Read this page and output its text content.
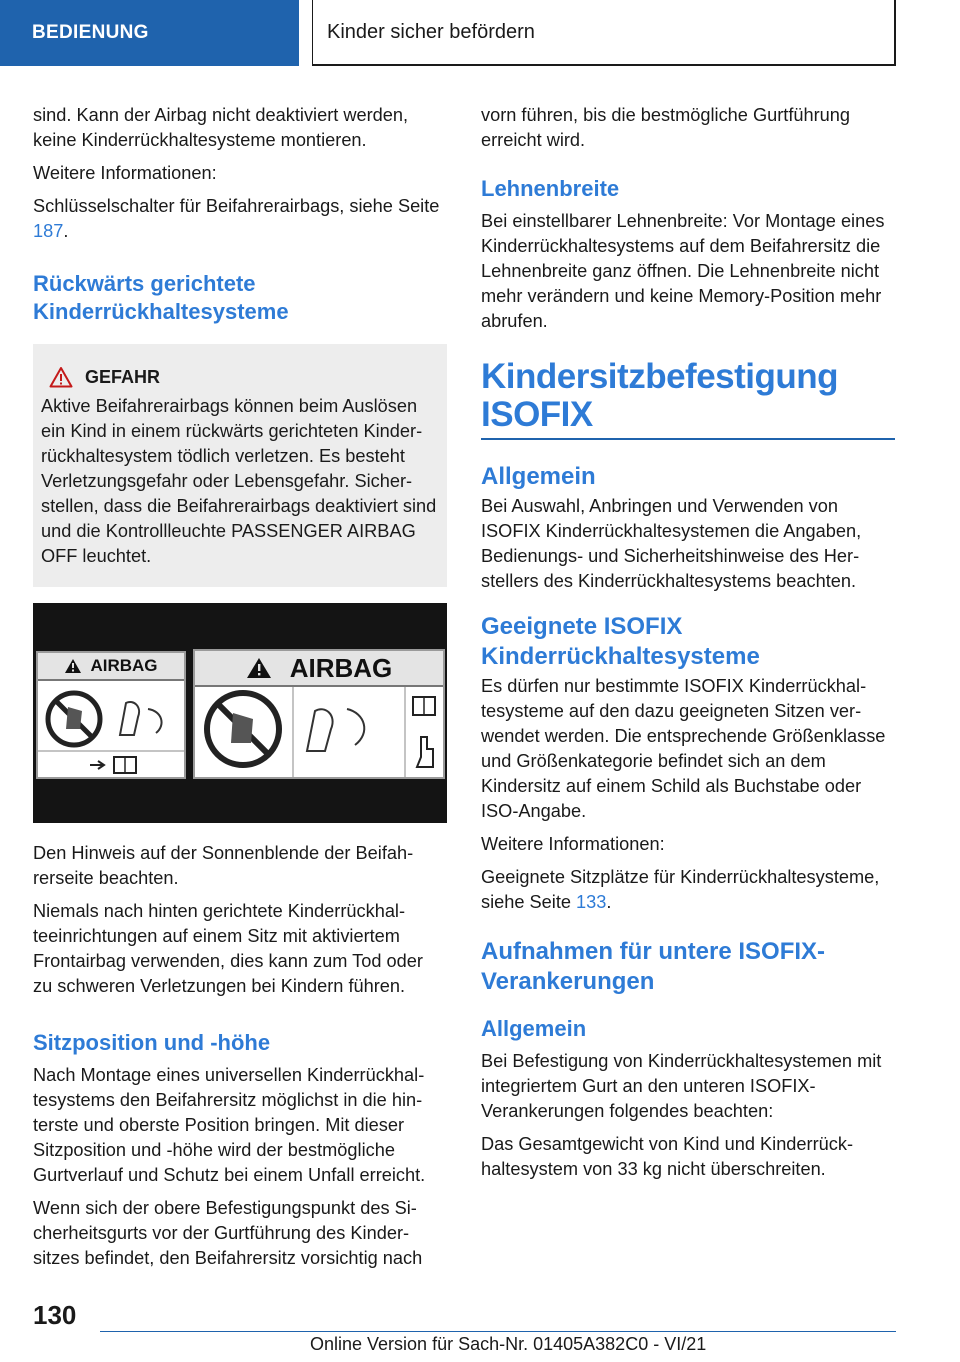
BEDIENUNG	Kinder sicher befördern

sind. Kann der Airbag nicht deaktiviert werden, keine Kinderrückhaltesysteme montieren.

Weitere Informationen:

Schlüsselschalter für Beifahrerairbags, siehe Seite 187.

Rückwärts gerichtete Kinderrückhaltesysteme
GEFAHR

Aktive Beifahrerairbags können beim Auslösen ein Kind in einem rückwärts gerichteten Kinderrückhaltesystem tödlich verletzen. Es besteht Verletzungsgefahr oder Lebensgefahr. Sicherstellen, dass die Beifahrerairbags deaktiviert sind und die Kontrollleuchte PASSENGER AIRBAG OFF leuchtet.

AIRBAG	AIRBAG

Den Hinweis auf der Sonnenblende der Beifahrerseite beachten.

Niemals nach hinten gerichtete Kinderrückhalteeinrichtungen auf einem Sitz mit aktiviertem Frontairbag verwenden, dies kann zum Tod oder zu schweren Verletzungen bei Kindern führen.

Sitzposition und -höhe

Nach Montage eines universellen Kinderrückhaltesystems den Beifahrersitz möglichst in die hinterste und oberste Position bringen. Mit dieser Sitzposition und -höhe wird der bestmögliche Gurtverlauf und Schutz bei einem Unfall erreicht.

Wenn sich der obere Befestigungspunkt des Sicherheitsgurts vor der Gurtführung des Kindersitzes befindet, den Beifahrersitz vorsichtig nach

vorn führen, bis die bestmögliche Gurtführung erreicht wird.

Lehnenbreite

Bei einstellbarer Lehnenbreite: Vor Montage eines Kinderrückhaltesystems auf dem Beifahrersitz die Lehnenbreite ganz öffnen. Die Lehnenbreite nicht mehr verändern und keine Memory-Position mehr abrufen.

Kindersitzbefestigung ISOFIX
Allgemein

Bei Auswahl, Anbringen und Verwenden von ISOFIX Kinderrückhaltesystemen die Angaben, Bedienungs- und Sicherheitshinweise des Herstellers des Kinderrückhaltesystems beachten.

Geeignete ISOFIX Kinderrückhaltesysteme

Es dürfen nur bestimmte ISOFIX Kinderrückhaltesysteme auf den dazu geeigneten Sitzen verwendet werden. Die entsprechende Größenklasse und Größenkategorie befindet sich an dem Kindersitz auf einem Schild als Buchstabe oder ISO-Angabe.

Weitere Informationen:

Geeignete Sitzplätze für Kinderrückhaltesysteme, siehe Seite 133.

Aufnahmen für untere ISOFIX-Verankerungen
Allgemein

Bei Befestigung von Kinderrückhaltesystemen mit integriertem Gurt an den unteren ISOFIX-Verankerungen folgendes beachten:

Das Gesamtgewicht von Kind und Kinderrückhaltesystem von 33 kg nicht überschreiten.

130
Online Version für Sach-Nr. 01405A382C0 - VI/21
